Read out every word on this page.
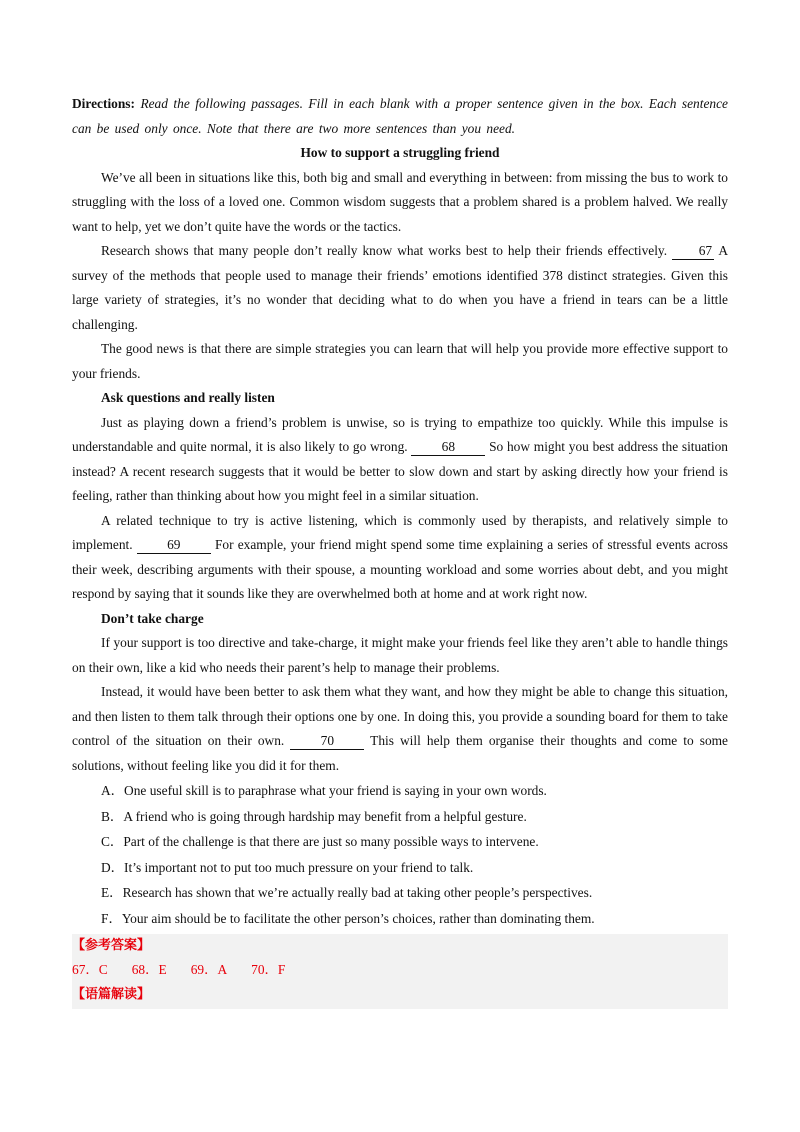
Directions: Read the following passages. Fill in each blank with a proper sentence given in the box. Each sentence can be used only once. Note that there are two more sentences than you need.

How to support a struggling friend

We’ve all been in situations like this, both big and small and everything in between: from missing the bus to work to struggling with the loss of a loved one. Common wisdom suggests that a problem shared is a problem halved. We really want to help, yet we don’t quite have the words or the tactics.

Research shows that many people don’t really know what works best to help their friends effectively. 67 A survey of the methods that people used to manage their friends’ emotions identified 378 distinct strategies. Given this large variety of strategies, it’s no wonder that deciding what to do when you have a friend in tears can be a little challenging.

The good news is that there are simple strategies you can learn that will help you provide more effective support to your friends.

Ask questions and really listen

Just as playing down a friend’s problem is unwise, so is trying to empathize too quickly. While this impulse is understandable and quite normal, it is also likely to go wrong. 68 So how might you best address the situation instead? A recent research suggests that it would be better to slow down and start by asking directly how your friend is feeling, rather than thinking about how you might feel in a similar situation.

A related technique to try is active listening, which is commonly used by therapists, and relatively simple to implement. 69 For example, your friend might spend some time explaining a series of stressful events across their week, describing arguments with their spouse, a mounting workload and some worries about debt, and you might respond by saying that it sounds like they are overwhelmed both at home and at work right now.

Don’t take charge

If your support is too directive and take-charge, it might make your friends feel like they aren’t able to handle things on their own, like a kid who needs their parent’s help to manage their problems.

Instead, it would have been better to ask them what they want, and how they might be able to change this situation, and then listen to them talk through their options one by one. In doing this, you provide a sounding board for them to take control of the situation on their own. 70 This will help them organise their thoughts and come to some solutions, without feeling like you did it for them.

A．One useful skill is to paraphrase what your friend is saying in your own words.

B．A friend who is going through hardship may benefit from a helpful gesture.

C．Part of the challenge is that there are just so many possible ways to intervene.

D．It’s important not to put too much pressure on your friend to talk.

E．Research has shown that we’re actually really bad at taking other people’s perspectives.

F．Your aim should be to facilitate the other person’s choices, rather than dominating them.

【参考答案】

67．C 68．E 69．A 70．F

【语篇解读】
